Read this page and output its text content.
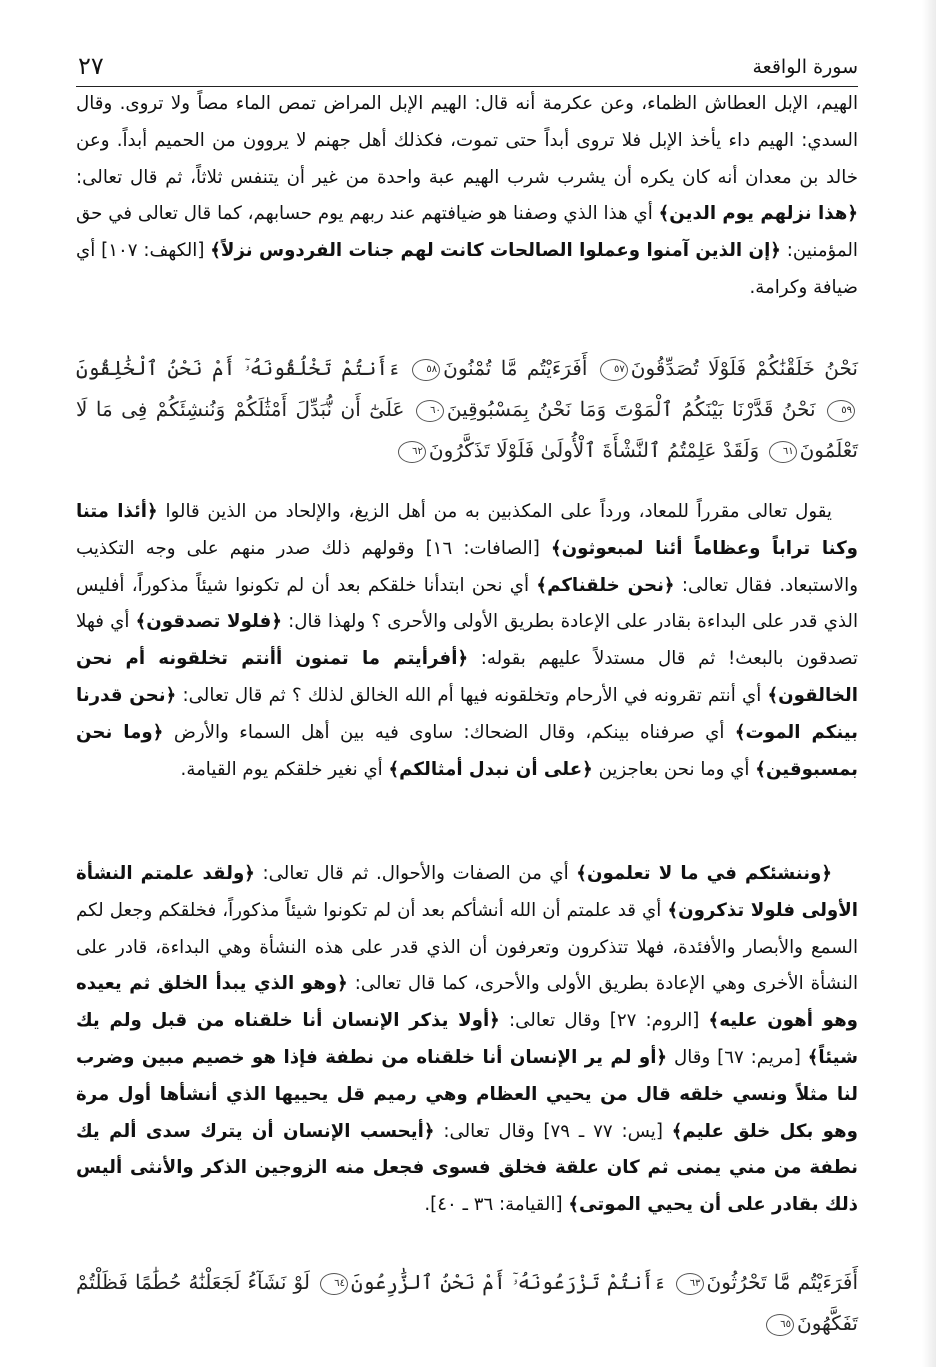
سورة الواقعة
٢٧

الهيم، الإبل العطاش الظماء، وعن عكرمة أنه قال: الهيم الإبل المراض تمص الماء مصاً ولا تروى. وقال السدي: الهيم داء يأخذ الإبل فلا تروى أبداً حتى تموت، فكذلك أهل جهنم لا يروون من الحميم أبداً. وعن خالد بن معدان أنه كان يكره أن يشرب شرب الهيم عبة واحدة من غير أن يتنفس ثلاثاً، ثم قال تعالى: ﴿هذا نزلهم يوم الدين﴾ أي هذا الذي وصفنا هو ضيافتهم عند ربهم يوم حسابهم، كما قال تعالى في حق المؤمنين: ﴿إن الذين آمنوا وعملوا الصالحات كانت لهم جنات الفردوس نزلاً﴾ [الكهف: ١٠٧] أي ضيافة وكرامة.

نَحْنُ خَلَقْنَٰكُمْ فَلَوْلَا تُصَدِّقُونَ٥٧ أَفَرَءَيْتُم مَّا تُمْنُونَ٥٨ ءَأَنتُمْ تَخْلُقُونَهُۥٓ أَمْ نَحْنُ ٱلْخَٰلِقُونَ٥٩ نَحْنُ قَدَّرْنَا بَيْنَكُمُ ٱلْمَوْتَ وَمَا نَحْنُ بِمَسْبُوقِينَ٦٠ عَلَىٰٓ أَن نُّبَدِّلَ أَمْثَٰلَكُمْ وَنُنشِئَكُمْ فِى مَا لَا تَعْلَمُونَ٦١ وَلَقَدْ عَلِمْتُمُ ٱلنَّشْأَةَ ٱلْأُولَىٰ فَلَوْلَا تَذَكَّرُونَ٦٢

يقول تعالى مقرراً للمعاد، ورداً على المكذبين به من أهل الزيغ، والإلحاد من الذين قالوا ﴿أئذا متنا وكنا تراباً وعظاماً أئنا لمبعوثون﴾ [الصافات: ١٦] وقولهم ذلك صدر منهم على وجه التكذيب والاستبعاد. فقال تعالى: ﴿نحن خلقناكم﴾ أي نحن ابتدأنا خلقكم بعد أن لم تكونوا شيئاً مذكوراً، أفليس الذي قدر على البداءة بقادر على الإعادة بطريق الأولى والأحرى ؟ ولهذا قال: ﴿فلولا تصدقون﴾ أي فهلا تصدقون بالبعث! ثم قال مستدلاً عليهم بقوله: ﴿أفرأيتم ما تمنون أأنتم تخلقونه أم نحن الخالقون﴾ أي أنتم تقرونه في الأرحام وتخلقونه فيها أم الله الخالق لذلك ؟ ثم قال تعالى: ﴿نحن قدرنا بينكم الموت﴾ أي صرفناه بينكم، وقال الضحاك: ساوى فيه بين أهل السماء والأرض ﴿وما نحن بمسبوقين﴾ أي وما نحن بعاجزين ﴿على أن نبدل أمثالكم﴾ أي نغير خلقكم يوم القيامة.

﴿وننشئكم في ما لا تعلمون﴾ أي من الصفات والأحوال. ثم قال تعالى: ﴿ولقد علمتم النشأة الأولى فلولا تذكرون﴾ أي قد علمتم أن الله أنشأكم بعد أن لم تكونوا شيئاً مذكوراً، فخلقكم وجعل لكم السمع والأبصار والأفئدة، فهلا تتذكرون وتعرفون أن الذي قدر على هذه النشأة وهي البداءة، قادر على النشأة الأخرى وهي الإعادة بطريق الأولى والأحرى، كما قال تعالى: ﴿وهو الذي يبدأ الخلق ثم يعيده وهو أهون عليه﴾ [الروم: ٢٧] وقال تعالى: ﴿أولا يذكر الإنسان أنا خلقناه من قبل ولم يك شيئاً﴾ [مريم: ٦٧] وقال ﴿أو لم ير الإنسان أنا خلقناه من نطفة فإذا هو خصيم مبين وضرب لنا مثلاً ونسي خلقه قال من يحيي العظام وهي رميم قل يحييها الذي أنشأها أول مرة وهو بكل خلق عليم﴾ [يس: ٧٧ ـ ٧٩] وقال تعالى: ﴿أيحسب الإنسان أن يترك سدى ألم يك نطفة من مني يمنى ثم كان علقة فخلق فسوى فجعل منه الزوجين الذكر والأنثى أليس ذلك بقادر على أن يحيي الموتى﴾ [القيامة: ٣٦ ـ ٤٠].

أَفَرَءَيْتُم مَّا تَحْرُثُونَ٦٣ ءَأَنتُمْ تَزْرَعُونَهُۥٓ أَمْ نَحْنُ ٱلزَّٰرِعُونَ٦٤ لَوْ نَشَآءُ لَجَعَلْنَٰهُ حُطَٰمًا فَظَلْتُمْ تَفَكَّهُونَ٦٥
